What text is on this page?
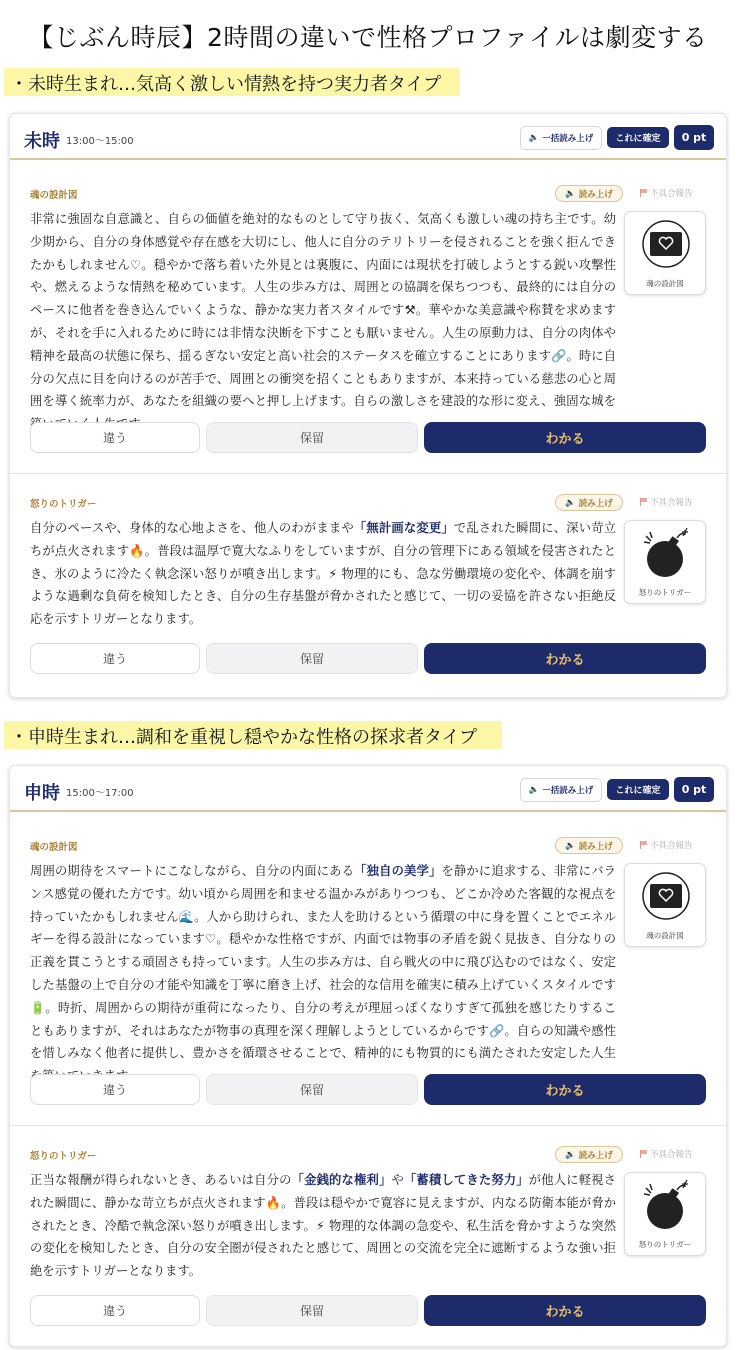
【じぶん時辰】2時間の違いで性格プロファイルは劇変する
・未時生まれ…気高く激しい情熱を持つ実力者タイプ
未時 13:00〜15:00	🔈 一括読み上げ	これに確定	0 pt
魂の設計図	🔈 読み上げ	不具合報告
非常に強固な自意識と、自らの価値を絶対的なものとして守り抜く、気高くも激しい魂の持ち主です。幼少期から、自分の身体感覚や存在感を大切にし、他人に自分のテリトリーを侵されることを強く拒んできたかもしれません♡。穏やかで落ち着いた外見とは裏腹に、内面には現状を打破しようとする鋭い攻撃性や、燃えるような情熱を秘めています。人生の歩み方は、周囲との協調を保ちつつも、最終的には自分のペースに他者を巻き込んでいくような、静かな実力者スタイルです⚒。華やかな美意識や称賛を求めますが、それを手に入れるために時には非情な決断を下すことも厭いません。人生の原動力は、自分の肉体や精神を最高の状態に保ち、揺るぎない安定と高い社会的ステータスを確立することにあります🔗。時に自分の欠点に目を向けるのが苦手で、周囲との衝突を招くこともありますが、本来持っている慈悲の心と周囲を導く統率力が、あなたを組織の要へと押し上げます。自らの激しさを建設的な形に変え、強固な城を
魂の設計図
違う	保留	わかる
怒りのトリガー	🔈 読み上げ	不具合報告
自分のペースや、身体的な心地よさを、他人のわがままや「無計画な変更」で乱された瞬間に、深い苛立ちが点火されます🔥。普段は温厚で寛大なふりをしていますが、自分の管理下にある領域を侵害されたとき、氷のように冷たく執念深い怒りが噴き出します。⚡ 物理的にも、急な労働環境の変化や、体調を崩すような過剰な負荷を検知したとき、自分の生存基盤が脅かされたと感じて、一切の妥協を許さない拒絶反応を示すトリガーとなります。
怒りのトリガー
違う	保留	わかる
・申時生まれ…調和を重視し穏やかな性格の探求者タイプ
申時 15:00〜17:00	🔈 一括読み上げ	これに確定	0 pt
魂の設計図	🔈 読み上げ	不具合報告
周囲の期待をスマートにこなしながら、自分の内面にある「独自の美学」を静かに追求する、非常にバランス感覚の優れた方です。幼い頃から周囲を和ませる温かみがありつつも、どこか冷めた客観的な視点を持っていたかもしれません🌊。人から助けられ、また人を助けるという循環の中に身を置くことでエネルギーを得る設計になっています♡。穏やかな性格ですが、内面では物事の矛盾を鋭く見抜き、自分なりの正義を貫こうとする頑固さも持っています。人生の歩み方は、自ら戦火の中に飛び込むのではなく、安定した基盤の上で自分の才能や知識を丁寧に磨き上げ、社会的な信用を確実に積み上げていくスタイルです🔋。時折、周囲からの期待が重荷になったり、自分の考えが理屈っぽくなりすぎて孤独を感じたりすることもありますが、それはあなたが物事の真理を深く理解しようとしているからです🔗。自らの知識や感性を惜しみなく他者に提供し、豊かさを循環させることで、精神的にも物質的にも満たされた安定した人生
魂の設計図
違う	保留	わかる
怒りのトリガー	🔈 読み上げ	不具合報告
正当な報酬が得られないとき、あるいは自分の「金銭的な権利」や「蓄積してきた努力」が他人に軽視された瞬間に、静かな苛立ちが点火されます🔥。普段は穏やかで寛容に見えますが、内なる防衛本能が脅かされたとき、冷酷で執念深い怒りが噴き出します。⚡ 物理的な体調の急変や、私生活を脅かすような突然の変化を検知したとき、自分の安全圏が侵されたと感じて、周囲との交流を完全に遮断するような強い拒絶を示すトリガーとなります。
怒りのトリガー
違う	保留	わかる
